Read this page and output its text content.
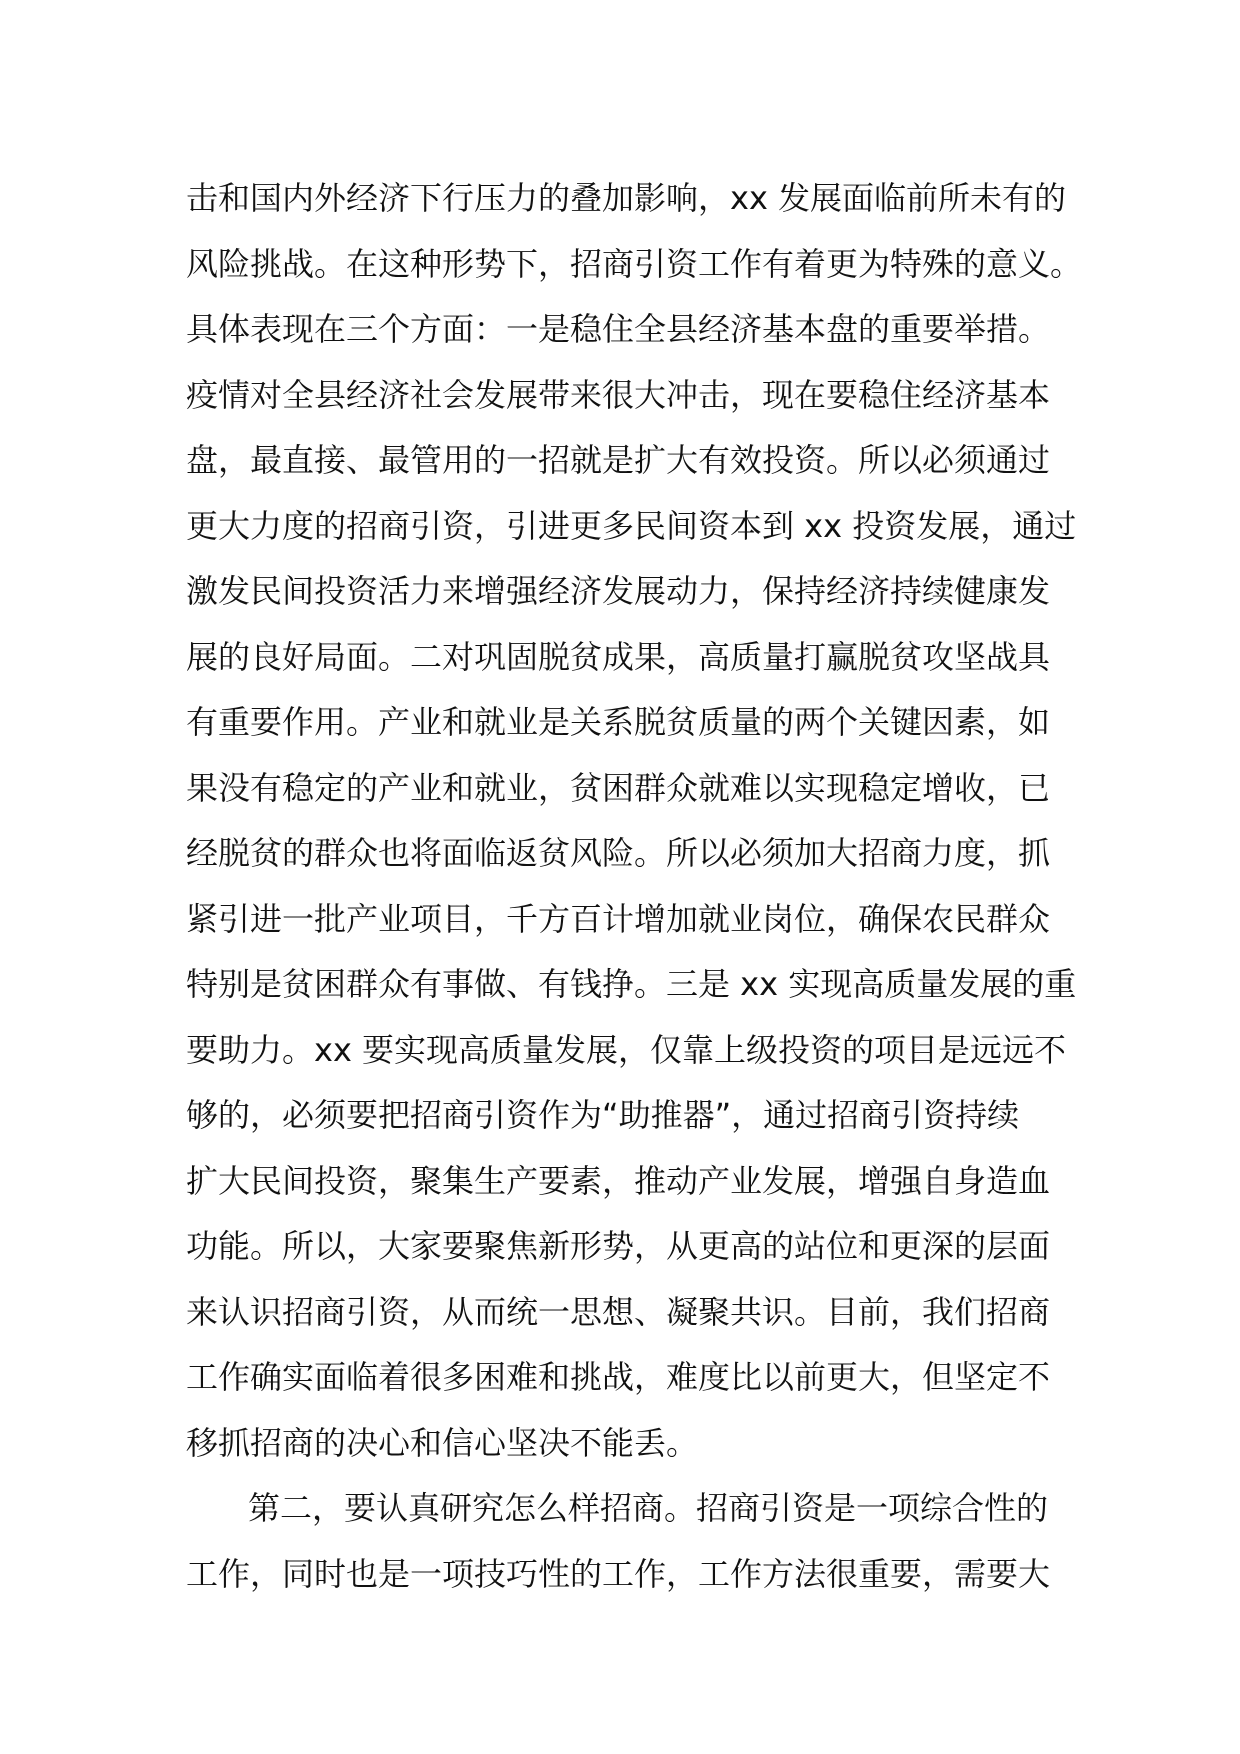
击和国内外经济下行压力的叠加影响，xx 发展面临前所未有的

风险挑战。在这种形势下，招商引资工作有着更为特殊的意义。

具体表现在三个方面：一是稳住全县经济基本盘的重要举措。

疫情对全县经济社会发展带来很大冲击，现在要稳住经济基本

盘，最直接、最管用的一招就是扩大有效投资。所以必须通过

更大力度的招商引资，引进更多民间资本到 xx 投资发展，通过

激发民间投资活力来增强经济发展动力，保持经济持续健康发

展的良好局面。二对巩固脱贫成果，高质量打赢脱贫攻坚战具

有重要作用。产业和就业是关系脱贫质量的两个关键因素，如

果没有稳定的产业和就业，贫困群众就难以实现稳定增收，已

经脱贫的群众也将面临返贫风险。所以必须加大招商力度，抓

紧引进一批产业项目，千方百计增加就业岗位，确保农民群众

特别是贫困群众有事做、有钱挣。三是 xx 实现高质量发展的重

要助力。xx 要实现高质量发展，仅靠上级投资的项目是远远不

够的，必须要把招商引资作为“助推器”，通过招商引资持续

扩大民间投资，聚集生产要素，推动产业发展，增强自身造血

功能。所以，大家要聚焦新形势，从更高的站位和更深的层面

来认识招商引资，从而统一思想、凝聚共识。目前，我们招商

工作确实面临着很多困难和挑战，难度比以前更大，但坚定不

移抓招商的决心和信心坚决不能丢。

第二，要认真研究怎么样招商。招商引资是一项综合性的

工作，同时也是一项技巧性的工作，工作方法很重要，需要大
